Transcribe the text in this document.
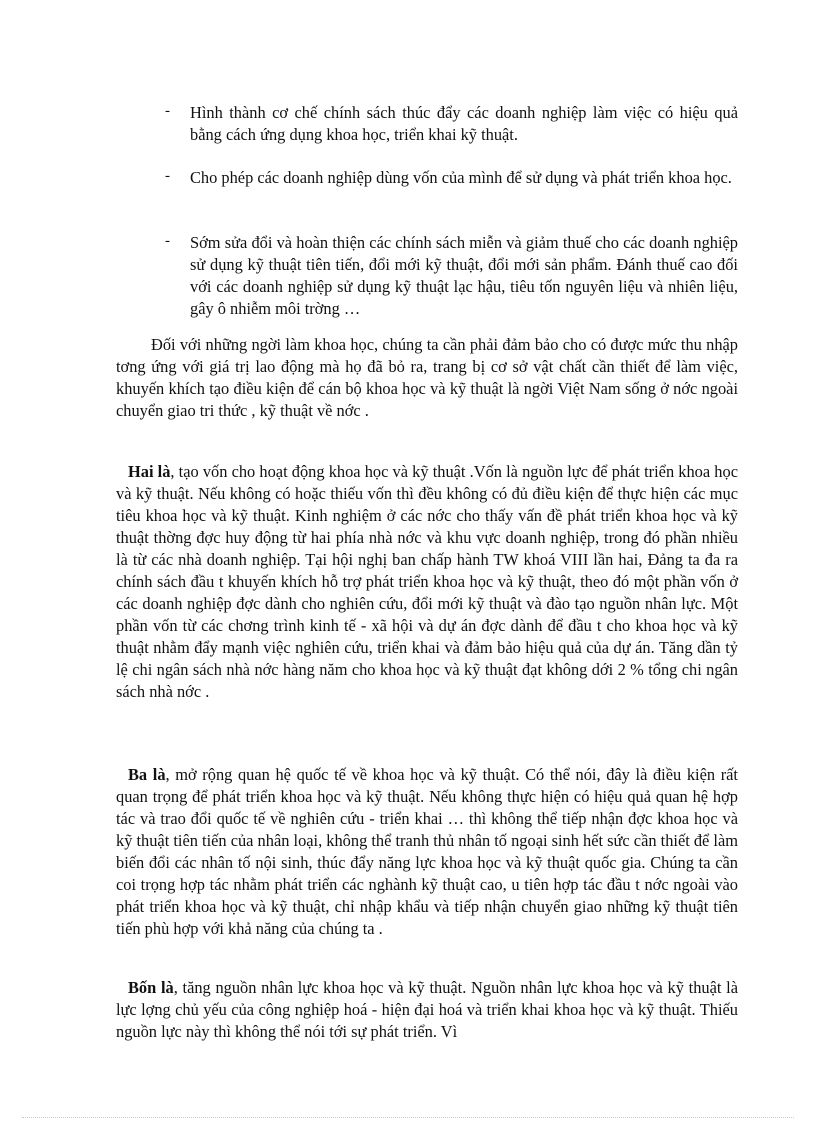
- Hình thành cơ chế chính sách thúc đẩy các doanh nghiệp làm việc có hiệu quả bằng cách ứng dụng khoa học, triển khai kỹ thuật.
- Cho phép các doanh nghiệp dùng vốn của mình để sử dụng và phát triển khoa học.
- Sớm sửa đổi và hoàn thiện các chính sách miễn và giảm thuế cho các doanh nghiệp sử dụng kỹ thuật tiên tiến, đổi mới kỹ thuật, đổi mới sản phẩm. Đánh thuế cao đối với các doanh nghiệp sử dụng kỹ thuật lạc hậu, tiêu tốn nguyên liệu và nhiên liệu, gây ô nhiễm môi trờng …

Đối với những ngời làm khoa học, chúng ta cần phải đảm bảo cho có được mức thu nhập tơng ứng với giá trị lao động mà họ đã bỏ ra, trang bị cơ sở vật chất cần thiết để làm việc, khuyến khích tạo điều kiện để cán bộ khoa học và kỹ thuật là ngời Việt Nam sống ở nớc ngoài chuyển giao tri thức , kỹ thuật về nớc .

Hai là, tạo vốn cho hoạt động khoa học và kỹ thuật .Vốn là nguồn lực để phát triển khoa học và kỹ thuật. Nếu không có hoặc thiếu vốn thì đều không có đủ điều kiện để thực hiện các mục tiêu khoa học và kỹ thuật. Kinh nghiệm ở các nớc cho thấy vấn đề phát triển khoa học và kỹ thuật thờng đợc huy động từ hai phía nhà nớc và khu vực doanh nghiệp, trong đó phần nhiều là từ các nhà doanh nghiệp. Tại hội nghị ban chấp hành TW khoá VIII lần hai, Đảng ta đa ra chính sách đầu t khuyến khích hỗ trợ phát triển khoa học và kỹ thuật, theo đó một phần vốn ở các doanh nghiệp đợc dành cho nghiên cứu, đổi mới kỹ thuật và đào tạo nguồn nhân lực. Một phần vốn từ các chơng trình kinh tế - xã hội và dự án đợc dành để đầu t cho khoa học và kỹ thuật nhằm đẩy mạnh việc nghiên cứu, triển khai và đảm bảo hiệu quả của dự án. Tăng dần tỷ lệ chi ngân sách nhà nớc hàng năm cho khoa học và kỹ thuật đạt không dới 2 % tổng chi ngân sách nhà nớc .

Ba là, mở rộng quan hệ quốc tế về khoa học và kỹ thuật. Có thể nói, đây là điều kiện rất quan trọng để phát triển khoa học và kỹ thuật. Nếu không thực hiện có hiệu quả quan hệ hợp tác và trao đổi quốc tế về nghiên cứu - triển khai … thì không thể tiếp nhận đợc khoa học và kỹ thuật tiên tiến của nhân loại, không thể tranh thủ nhân tố ngoại sinh hết sức cần thiết để làm biến đổi các nhân tố nội sinh, thúc đẩy năng lực khoa học và kỹ thuật quốc gia. Chúng ta cần coi trọng hợp tác nhằm phát triển các nghành kỹ thuật cao, u tiên hợp tác đầu t nớc ngoài vào phát triển khoa học và kỹ thuật, chỉ nhập khẩu và tiếp nhận chuyển giao những kỹ thuật tiên tiến phù hợp với khả năng của chúng ta .

Bốn là, tăng nguồn nhân lực khoa học và kỹ thuật. Nguồn nhân lực khoa học và kỹ thuật là lực lợng chủ yếu của công nghiệp hoá - hiện đại hoá và triển khai khoa học và kỹ thuật. Thiếu nguồn lực này thì không thể nói tới sự phát triển. Vì
